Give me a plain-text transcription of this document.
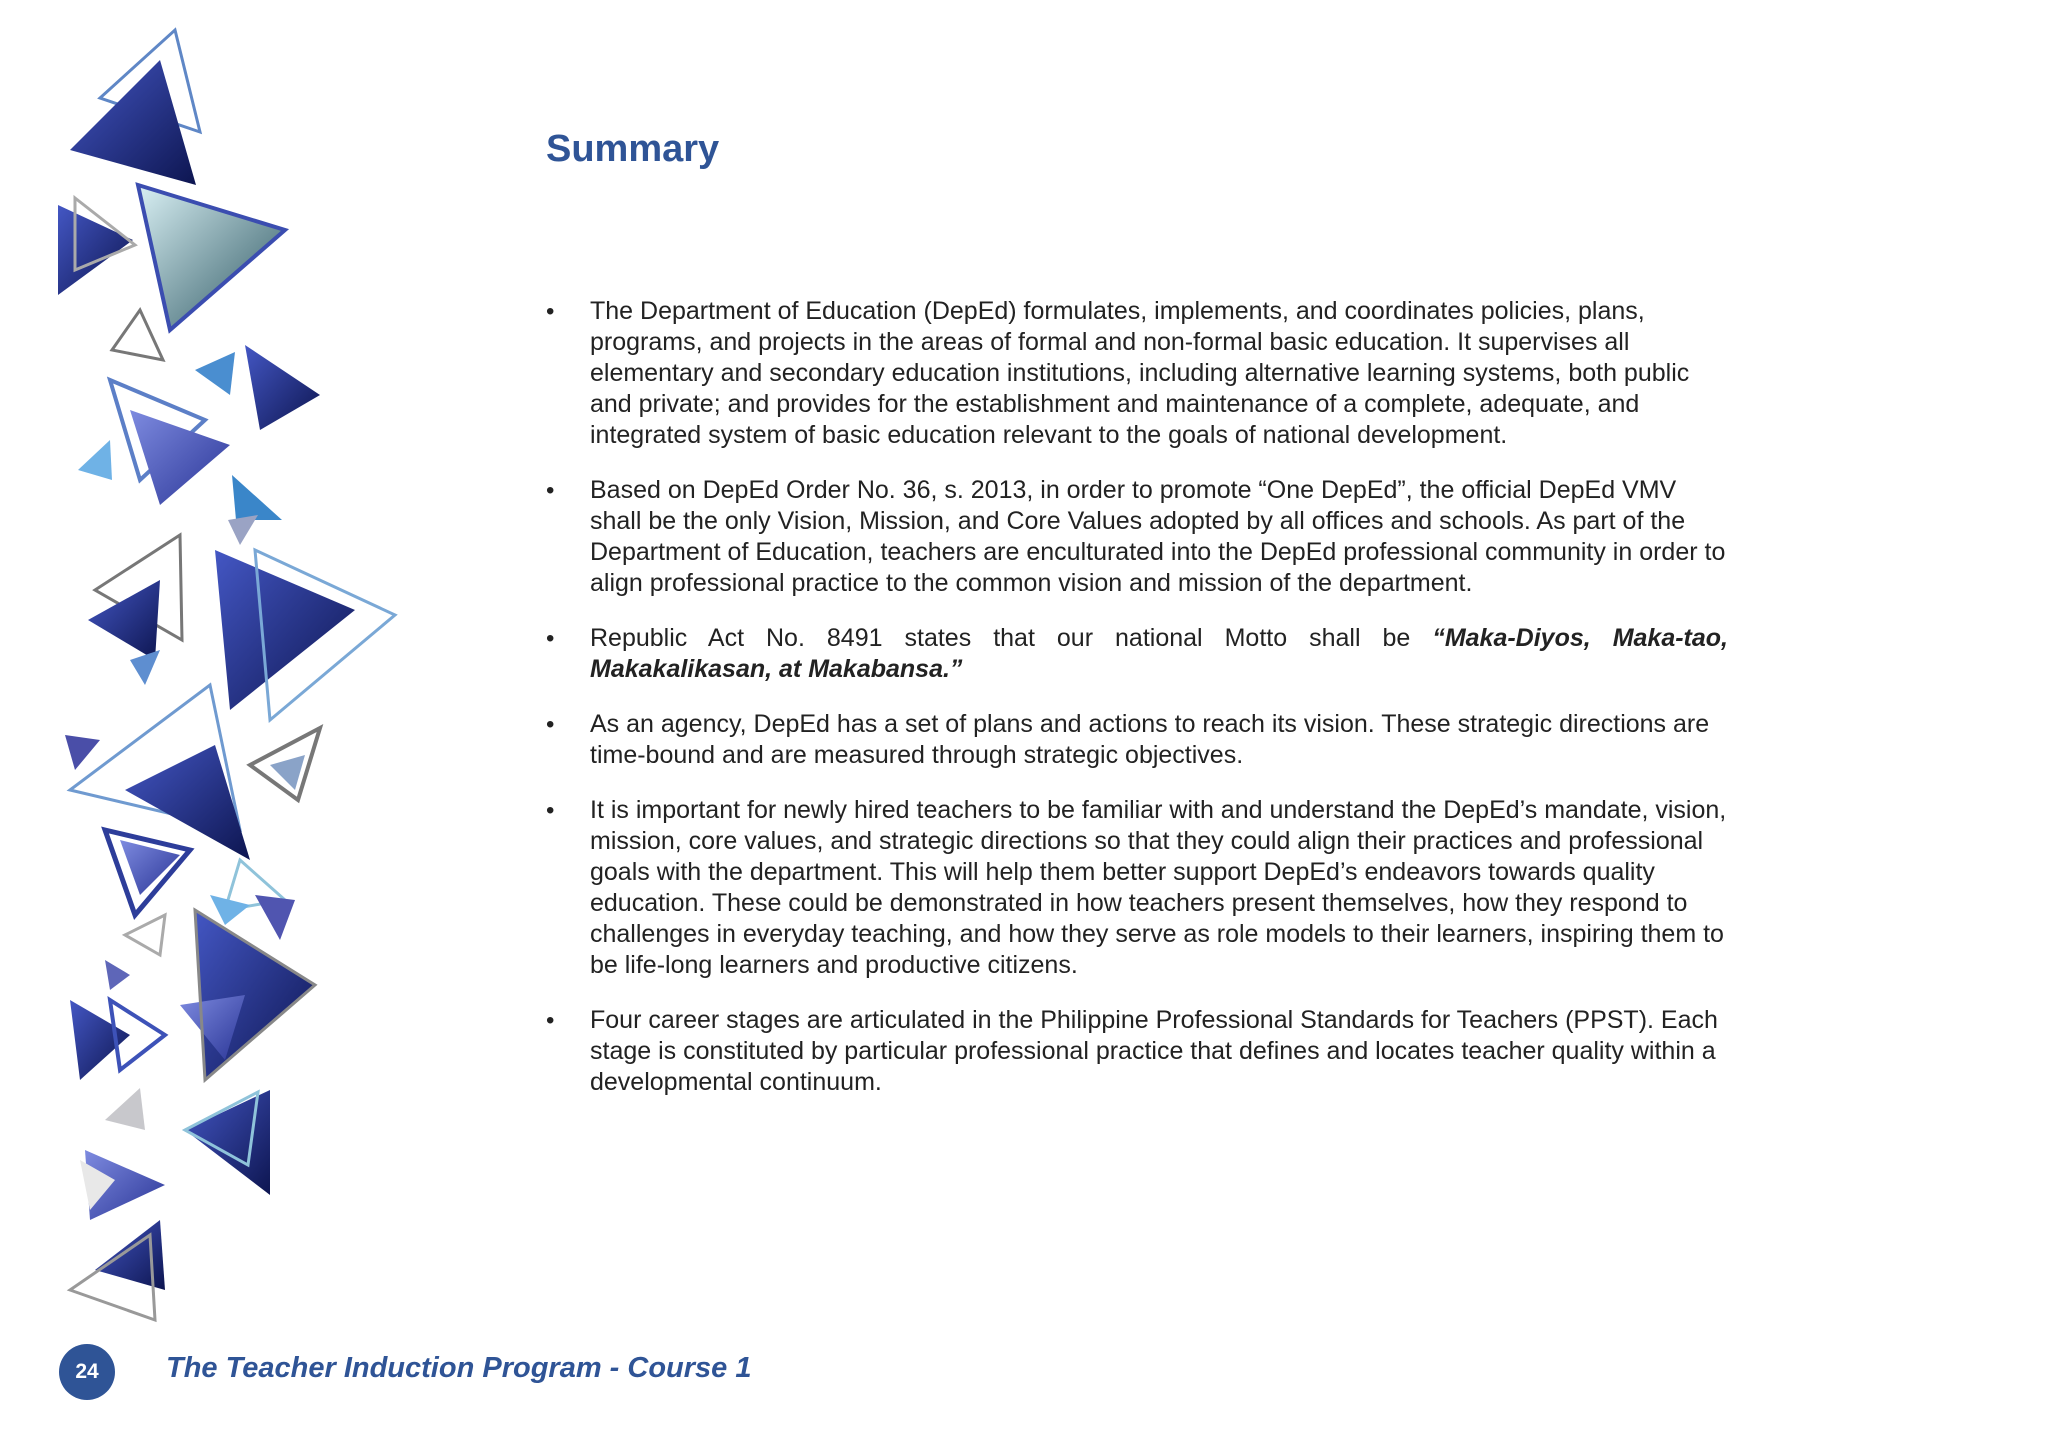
Summary
• The Department of Education (DepEd) formulates, implements, and coordinates policies, plans, programs, and projects in the areas of formal and non-formal basic education. It supervises all elementary and secondary education institutions, including alternative learning systems, both public and private; and provides for the establishment and maintenance of a complete, adequate, and integrated system of basic education relevant to the goals of national development.
• Based on DepEd Order No. 36, s. 2013, in order to promote “One DepEd”, the official DepEd VMV shall be the only Vision, Mission, and Core Values adopted by all offices and schools. As part of the Department of Education, teachers are enculturated into the DepEd professional community in order to align professional practice to the common vision and mission of the department.
• Republic Act No. 8491 states that our national Motto shall be “Maka-Diyos, Maka-tao, Makakalikasan, at Makabansa.”
• As an agency, DepEd has a set of plans and actions to reach its vision. These strategic directions are time-bound and are measured through strategic objectives.
• It is important for newly hired teachers to be familiar with and understand the DepEd’s mandate, vision, mission, core values, and strategic directions so that they could align their practices and professional goals with the department. This will help them better support DepEd’s endeavors towards quality education. These could be demonstrated in how teachers present themselves, how they respond to challenges in everyday teaching, and how they serve as role models to their learners, inspiring them to be life-long learners and productive citizens.
• Four career stages are articulated in the Philippine Professional Standards for Teachers (PPST). Each stage is constituted by particular professional practice that defines and locates teacher quality within a developmental continuum.
24	The Teacher Induction Program - Course 1
